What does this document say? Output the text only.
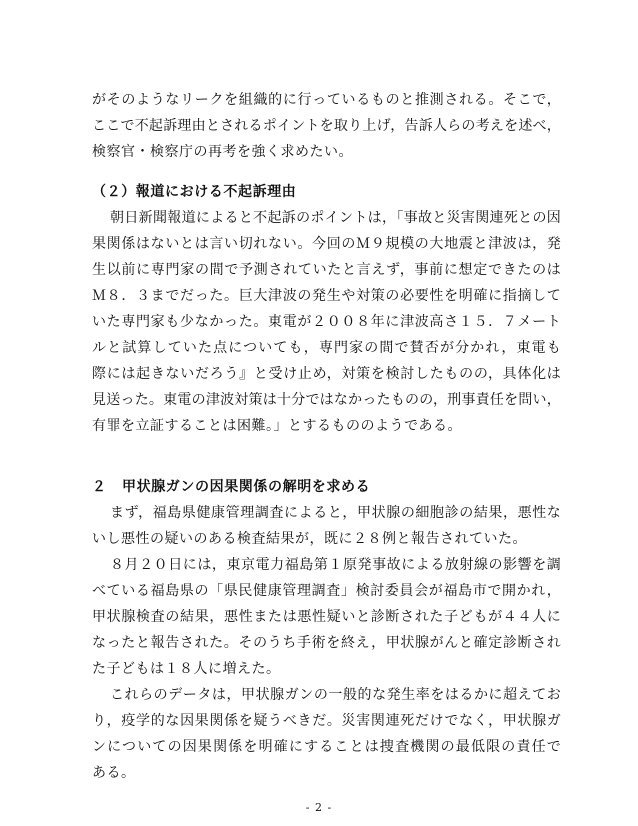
がそのようなリークを組織的に行っているものと推測される。そこで，
ここで不起訴理由とされるポイントを取り上げ，告訴人らの考えを述べ，
検察官・検察庁の再考を強く求めたい。
（２）報道における不起訴理由
朝日新聞報道によると不起訴のポイントは，「事故と災害関連死との因
果関係はないとは言い切れない。今回のＭ９規模の大地震と津波は，発
生以前に専門家の間で予測されていたと言えず，事前に想定できたのは
Ｍ８．３までだった。巨大津波の発生や対策の必要性を明確に指摘して
いた専門家も少なかった。東電が２００８年に津波高さ１５．７メート
ルと試算していた点についても，専門家の間で賛否が分かれ，東電も
際には起きないだろう』と受け止め，対策を検討したものの，具体化は
見送った。東電の津波対策は十分ではなかったものの，刑事責任を問い，
有罪を立証することは困難。」とするもののようである。
２ 甲状腺ガンの因果関係の解明を求める
まず，福島県健康管理調査によると，甲状腺の細胞診の結果，悪性な
いし悪性の疑いのある検査結果が，既に２８例と報告されていた。
８月２０日には，東京電力福島第１原発事故による放射線の影響を調
べている福島県の「県民健康管理調査」検討委員会が福島市で開かれ，
甲状腺検査の結果，悪性または悪性疑いと診断された子どもが４４人に
なったと報告された。そのうち手術を終え，甲状腺がんと確定診断され
た子どもは１８人に増えた。
これらのデータは，甲状腺ガンの一般的な発生率をはるかに超えてお
り，疫学的な因果関係を疑うべきだ。災害関連死だけでなく，甲状腺ガ
ンについての因果関係を明確にすることは捜査機関の最低限の責任で
ある。
- 2 -
